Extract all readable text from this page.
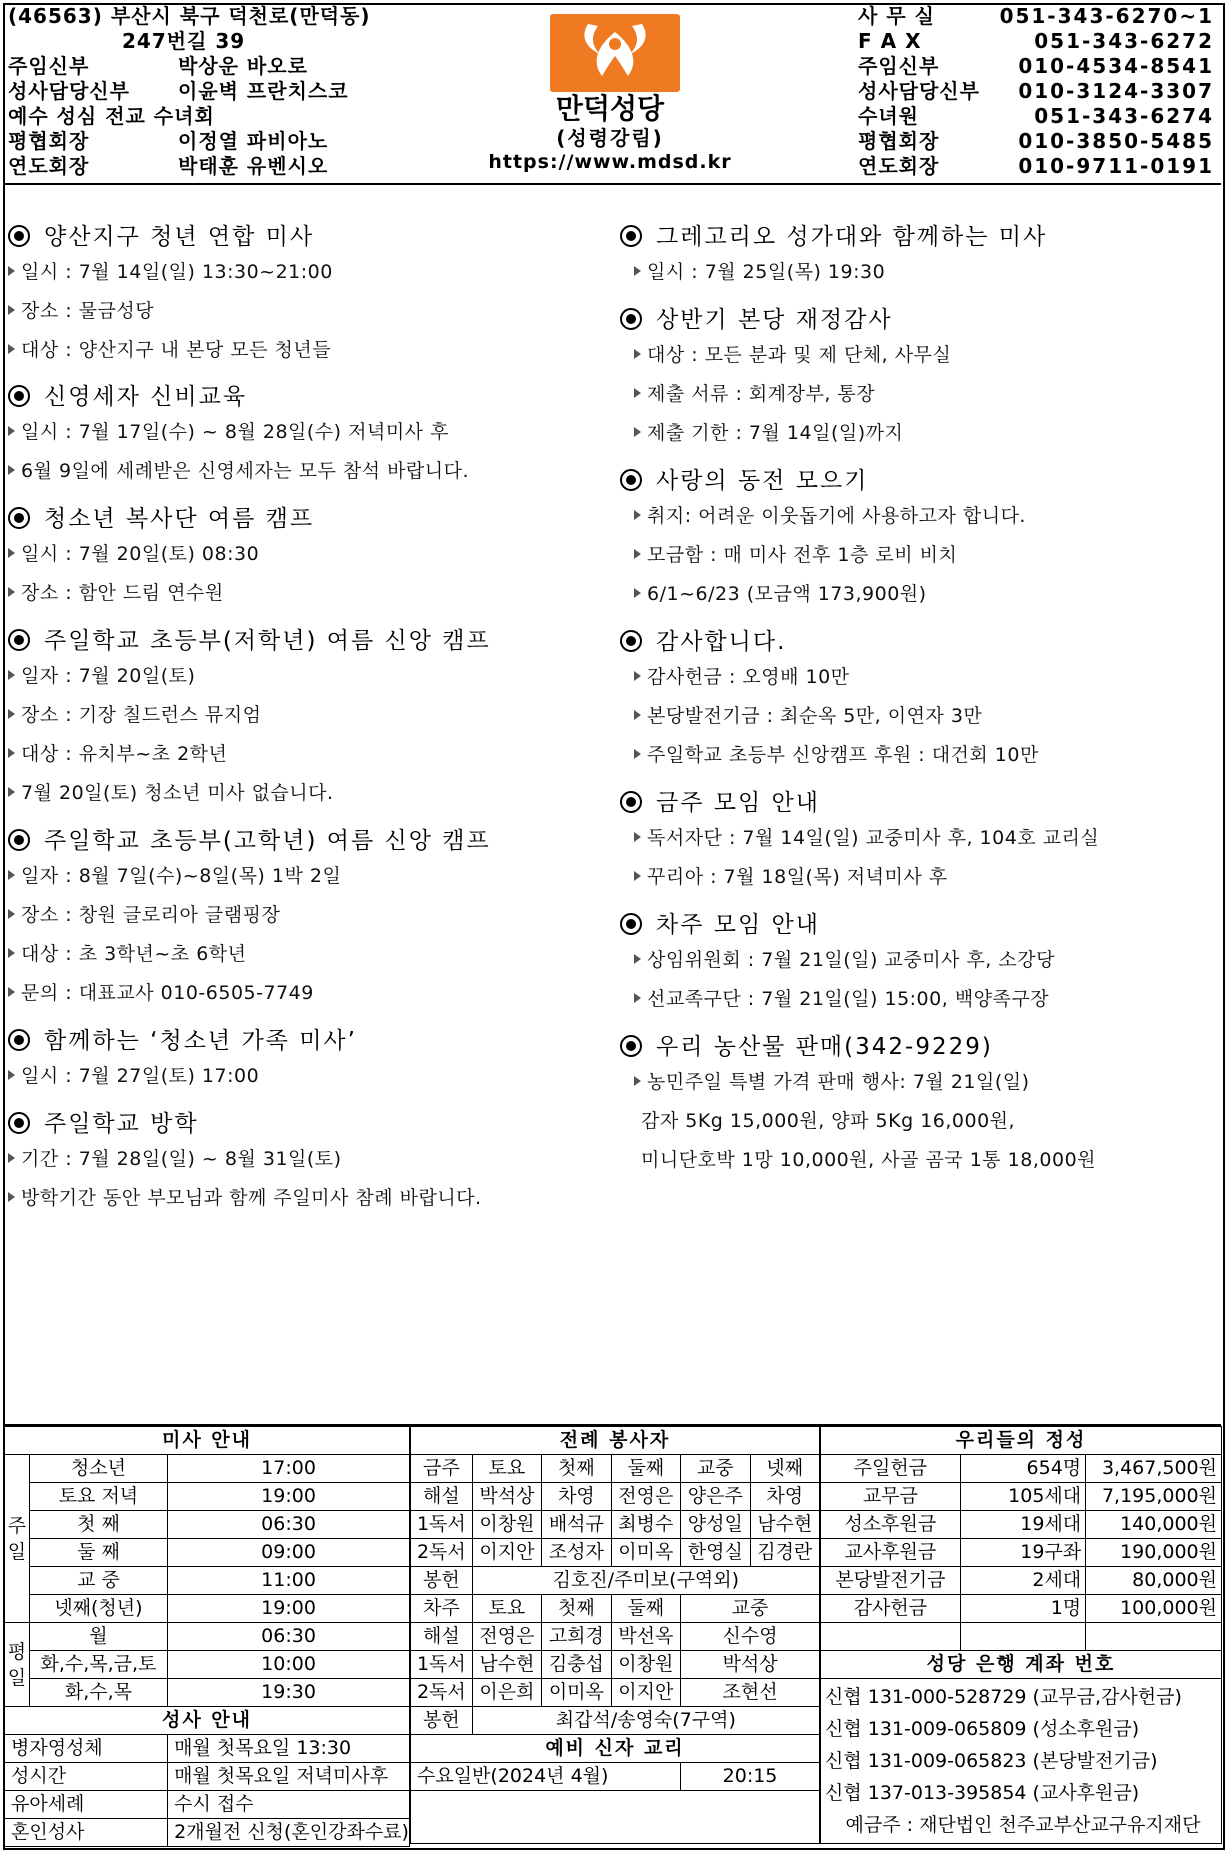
(46563) 부산시 북구 덕천로(만덕동)
247번길 39
주임신부	박상운 바오로
성사담당신부 이윤벽 프란치스코
예수 성심 전교 수녀회
평협회장	이정열 파비아노
연도회장	박태훈 유벤시오
만덕성당
(성령강림)
https://www.mdsd.kr
사 무 실	051-343-6270~1
F A X	051-343-6272
주임신부	010-4534-8541
성사담당신부 010-3124-3307
수녀원	051-343-6274
평협회장	010-3850-5485
연도회장	010-9711-0191
양산지구 청년 연합 미사
일시 : 7월 14일(일) 13:30~21:00
장소 : 물금성당
대상 : 양산지구 내 본당 모든 청년들
신영세자 신비교육
일시 : 7월 17일(수) ~ 8월 28일(수) 저녁미사 후
6월 9일에 세례받은 신영세자는 모두 참석 바랍니다.
청소년 복사단 여름 캠프
일시 : 7월 20일(토) 08:30
장소 : 함안 드림 연수원
주일학교 초등부(저학년) 여름 신앙 캠프
일자 : 7월 20일(토)
장소 : 기장 칠드런스 뮤지엄
대상 : 유치부~초 2학년
7월 20일(토) 청소년 미사 없습니다.
주일학교 초등부(고학년) 여름 신앙 캠프
일자 : 8월 7일(수)~8일(목) 1박 2일
장소 : 창원 글로리아 글램핑장
대상 : 초 3학년~초 6학년
문의 : 대표교사 010-6505-7749
함께하는 ‘청소년 가족 미사’
일시 : 7월 27일(토) 17:00
주일학교 방학
기간 : 7월 28일(일) ~ 8월 31일(토)
방학기간 동안 부모님과 함께 주일미사 참례 바랍니다.
그레고리오 성가대와 함께하는 미사
일시 : 7월 25일(목) 19:30
상반기 본당 재정감사
대상 : 모든 분과 및 제 단체, 사무실
제출 서류 : 회계장부, 통장
제출 기한 : 7월 14일(일)까지
사랑의 동전 모으기
취지: 어려운 이웃돕기에 사용하고자 합니다.
모금함 : 매 미사 전후 1층 로비 비치
6/1~6/23 (모금액 173,900원)
감사합니다.
감사헌금 : 오영배 10만
본당발전기금 : 최순옥 5만, 이연자 3만
주일학교 초등부 신앙캠프 후원 : 대건회 10만
금주 모임 안내
독서자단 : 7월 14일(일) 교중미사 후, 104호 교리실
꾸리아 : 7월 18일(목) 저녁미사 후
차주 모임 안내
상임위원회 : 7월 21일(일) 교중미사 후, 소강당
선교족구단 : 7월 21일(일) 15:00, 백양족구장
우리 농산물 판매(342-9229)
농민주일 특별 가격 판매 행사: 7월 21일(일)
감자 5Kg 15,000원, 양파 5Kg 16,000원,
미니단호박 1망 10,000원, 사골 곰국 1통 18,000원
미사 안내		
주
일	청소년	17:00
	토요 저녁	19:00
	첫 째	06:30
	둘 째	09:00
	교 중	11:00
	넷째(청년)	19:00
평
일	월	06:30
	화,수,목,금,토	10:00
	화,수,목	19:30
성사 안내		
병자영성체		매월 첫목요일 13:30
성시간		매월 첫목요일 저녁미사후
유아세례		수시 접수
혼인성사		2개월전 신청(혼인강좌수료)
전례 봉사자					
금주	토요	첫째	둘째	교중	넷째
해설	박석상	차영	전영은	양은주	차영
1독서	이창원	배석규	최병수	양성일	남수현
2독서	이지안	조성자	이미옥	한영실	김경란
봉헌	김호진/주미보(구역외)				
차주	토요	첫째	둘째	교중	
해설	전영은	고희경	박선옥	신수영	
1독서	남수현	김충섭	이창원	박석상	
2독서	이은희	이미옥	이지안	조현선	
봉헌	최갑석/송영숙(7구역)				
예비 신자 교리					
수요일반(2024년 4월)				20:15	

우리들의 정성		
주일헌금	654명	3,467,500원
교무금	105세대	7,195,000원
성소후원금	19세대	140,000원
교사후원금	19구좌	190,000원
본당발전기금	2세대	80,000원
감사헌금	1명	100,000원

성당 은행 계좌 번호		

신협 131-000-528729 (교무금,감사헌금)
신협 131-009-065809 (성소후원금)
신협 131-009-065823 (본당발전기금)
신협 137-013-395854 (교사후원금)
예금주 : 재단법인 천주교부산교구유지재단		
